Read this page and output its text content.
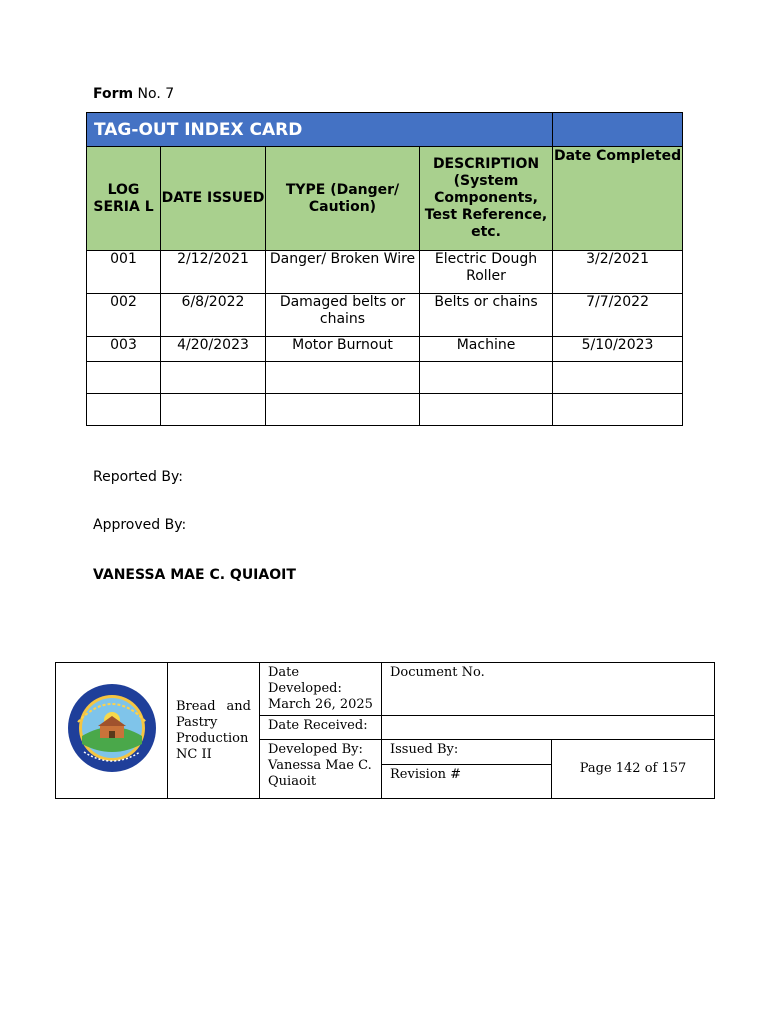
Form No. 7
TAG-OUT INDEX CARD				
LOG SERIA L	DATE ISSUED	TYPE (Danger/ Caution)	DESCRIPTION (System Components, Test Reference, etc.	Date Completed
001	2/12/2021	Danger/ Broken Wire	Electric Dough Roller	3/2/2021
002	6/8/2022	Damaged belts or chains	Belts or chains	7/7/2022
003	4/20/2023	Motor Burnout	Machine	5/10/2023

Reported By:
Approved By:
VANESSA MAE C. QUIAOIT
	Bread and Pastry Production NC II	Date Developed: March 26, 2025	Document No.	
		Date Received:		
		Developed By: Vanessa Mae C. Quiaoit	Issued By:	Page 142 of 157
			Revision #	
